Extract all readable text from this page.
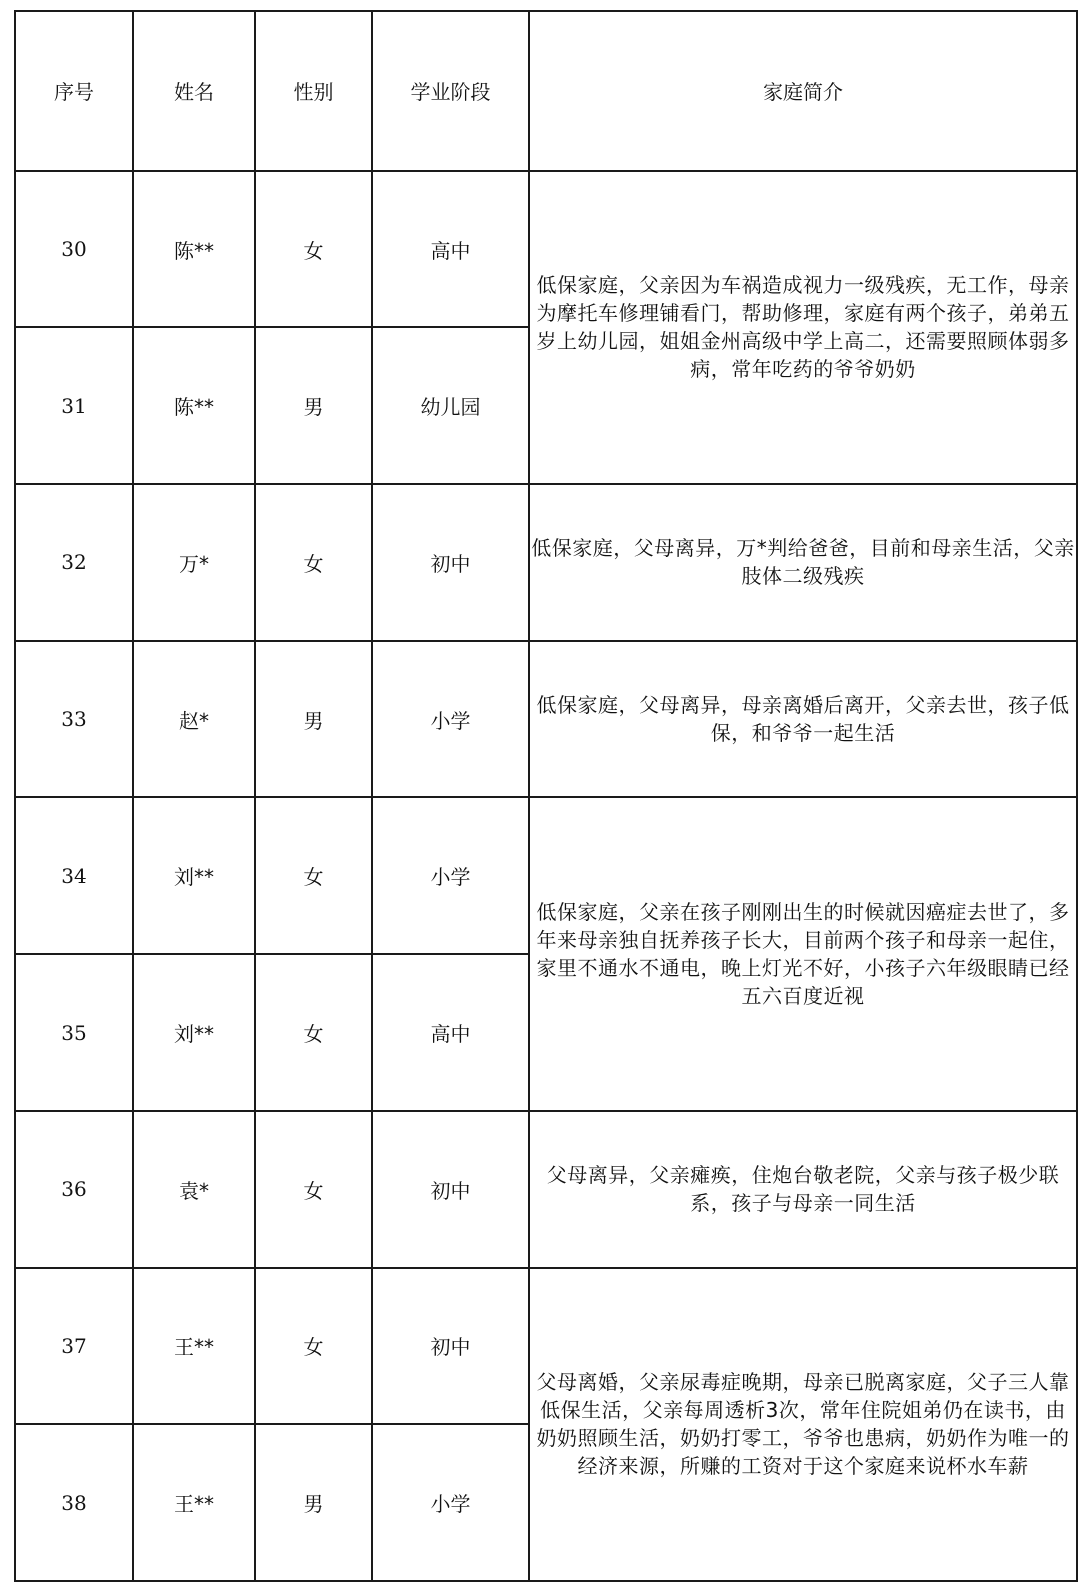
序号	姓名	性别	学业阶段	家庭简介
30	陈**	女	高中	低保家庭，父亲因为车祸造成视力一级残疾，无工作，母亲为摩托车修理铺看门，帮助修理，家庭有两个孩子，弟弟五岁上幼儿园，姐姐金州高级中学上高二，还需要照顾体弱多病，常年吃药的爷爷奶奶
31	陈**	男	幼儿园	
32	万*	女	初中	低保家庭，父母离异，万*判给爸爸，目前和母亲生活，父亲肢体二级残疾
33	赵*	男	小学	低保家庭，父母离异，母亲离婚后离开，父亲去世，孩子低保，和爷爷一起生活
34	刘**	女	小学	低保家庭，父亲在孩子刚刚出生的时候就因癌症去世了，多年来母亲独自抚养孩子长大，目前两个孩子和母亲一起住，家里不通水不通电，晚上灯光不好，小孩子六年级眼睛已经五六百度近视
35	刘**	女	高中	
36	袁*	女	初中	父母离异，父亲瘫痪，住炮台敬老院，父亲与孩子极少联系，孩子与母亲一同生活
37	王**	女	初中	父母离婚，父亲尿毒症晚期，母亲已脱离家庭，父子三人靠低保生活，父亲每周透析3次，常年住院姐弟仍在读书，由奶奶照顾生活，奶奶打零工，爷爷也患病，奶奶作为唯一的经济来源，所赚的工资对于这个家庭来说杯水车薪
38	王**	男	小学	
